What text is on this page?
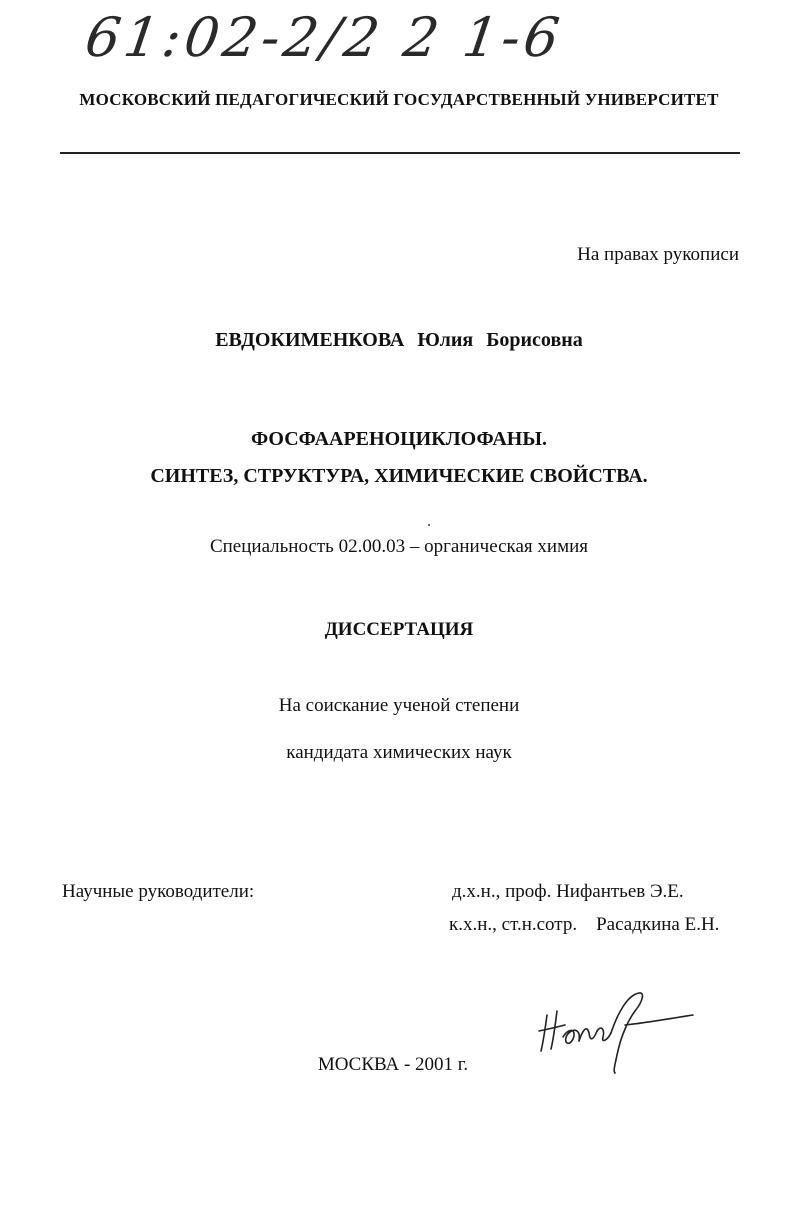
61:02-2/2 2 1-6
МОСКОВСКИЙ ПЕДАГОГИЧЕСКИЙ ГОСУДАРСТВЕННЫЙ УНИВЕРСИТЕТ
На правах рукописи
ЕВДОКИМЕНКОВА Юлия Борисовна
ФОСФААРЕНОЦИКЛОФАНЫ.
СИНТЕЗ, СТРУКТУРА, ХИМИЧЕСКИЕ СВОЙСТВА.
Специальность 02.00.03 – органическая химия
ДИССЕРТАЦИЯ
На соискание ученой степени
кандидата химических наук
Научные руководители:	д.х.н., проф. Нифантьев Э.Е.
к.х.н., ст.н.сотр.    Расадкина Е.Н.
МОСКВА - 2001 г.
